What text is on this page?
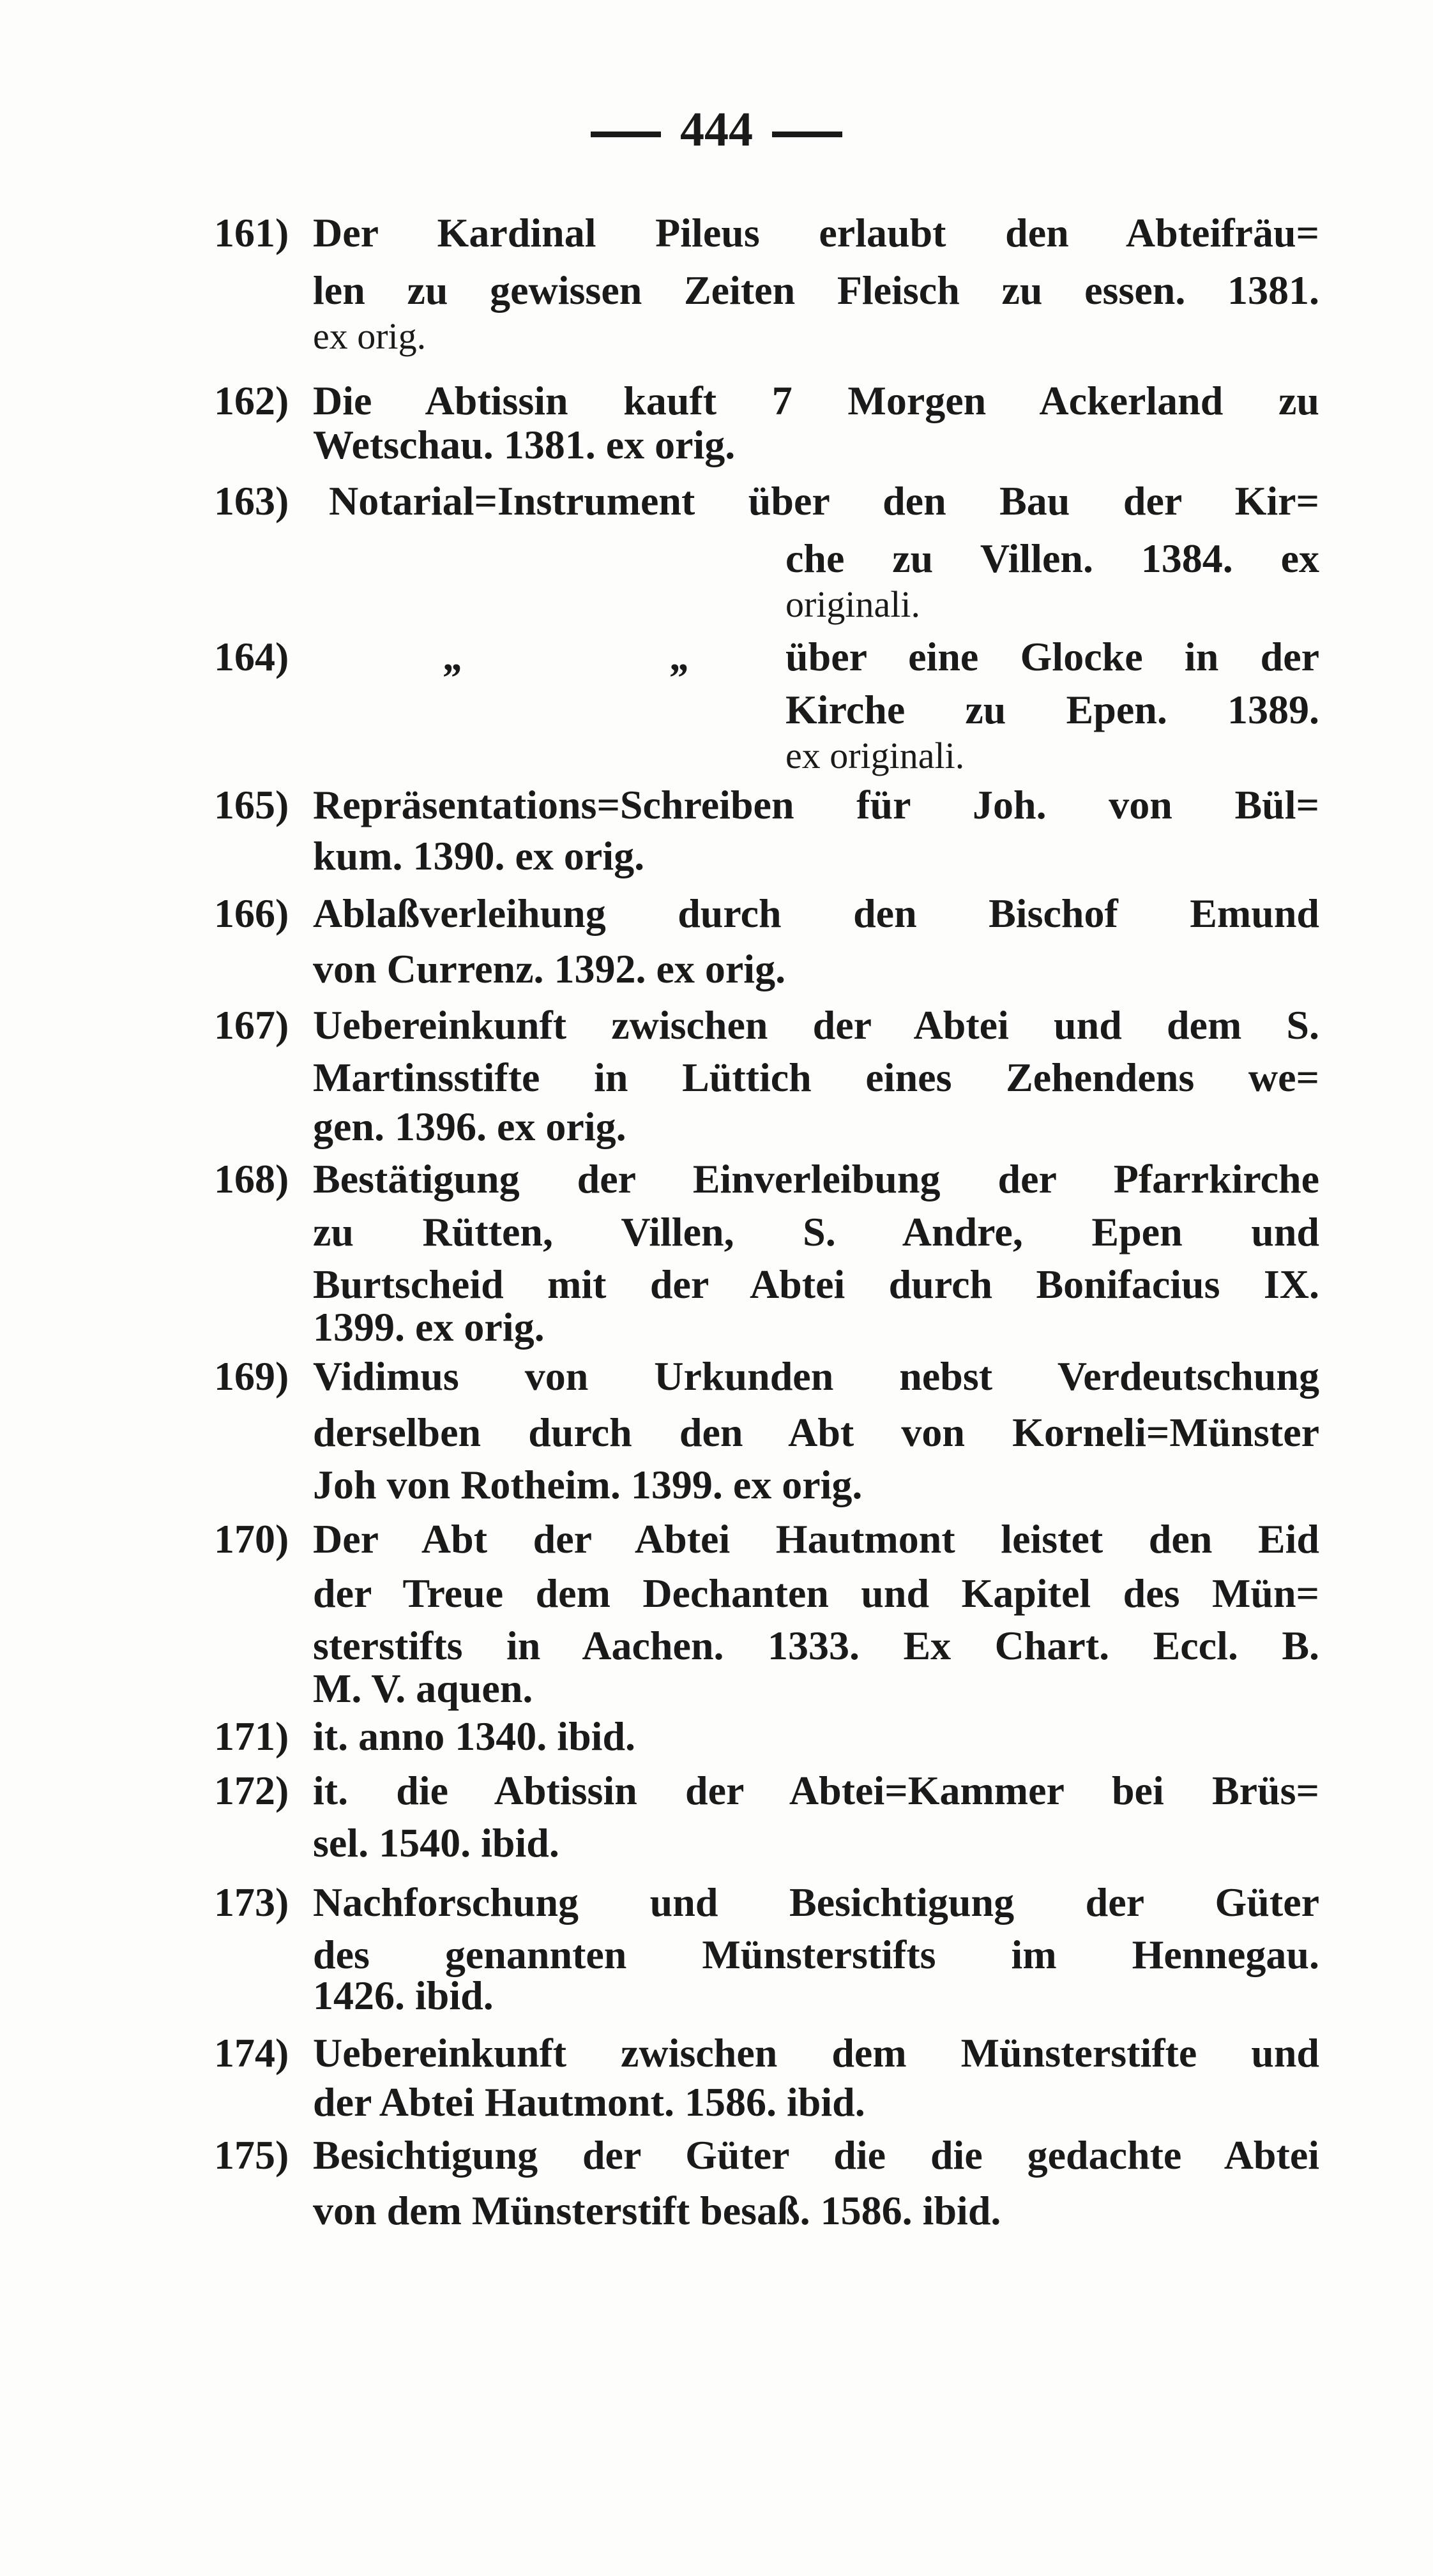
444
161) Der Kardinal Pileus erlaubt den Abteifräu=
len zu gewissen Zeiten Fleisch zu essen. 1381.
ex orig.
162) Die Abtissin kauft 7 Morgen Ackerland zu
Wetschau. 1381. ex orig.
163) Notarial=Instrument über den Bau der Kir=
che zu Villen. 1384. ex
originali.
164)	„	„ über eine Glocke in der
Kirche zu Epen. 1389.
ex originali.
165) Repräsentations=Schreiben für Joh. von Bül=
kum. 1390. ex orig.
166) Ablaßverleihung durch den Bischof Emund
von Currenz. 1392. ex orig.
167) Uebereinkunft zwischen der Abtei und dem S.
Martinsstifte in Lüttich eines Zehendens we=
gen. 1396. ex orig.
168) Bestätigung der Einverleibung der Pfarrkirche
zu Rütten, Villen, S. Andre, Epen und
Burtscheid mit der Abtei durch Bonifacius IX.
1399. ex orig.
169) Vidimus von Urkunden nebst Verdeutschung
derselben durch den Abt von Korneli=Münster
Joh von Rotheim. 1399. ex orig.
170) Der Abt der Abtei Hautmont leistet den Eid
der Treue dem Dechanten und Kapitel des Mün=
sterstifts in Aachen. 1333. Ex Chart. Eccl. B.
M. V. aquen.
171) it. anno 1340. ibid.
172) it. die Abtissin der Abtei=Kammer bei Brüs=
sel. 1540. ibid.
173) Nachforschung und Besichtigung der Güter
des genannten Münsterstifts im Hennegau.
1426. ibid.
174) Uebereinkunft zwischen dem Münsterstifte und
der Abtei Hautmont. 1586. ibid.
175) Besichtigung der Güter die die gedachte Abtei
von dem Münsterstift besaß. 1586. ibid.
